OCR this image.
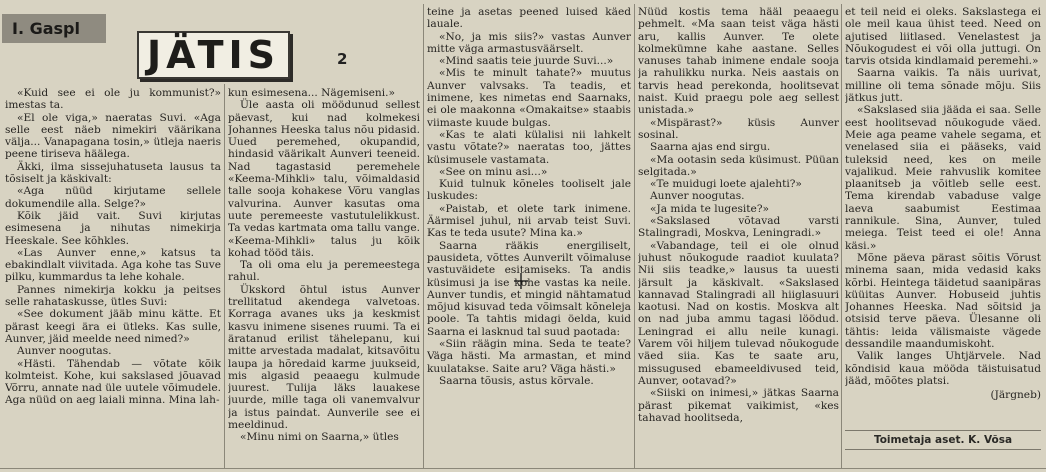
I. Gaspl
JÄTIS	2

«Kuid see ei ole ju kommunist?» imestas ta.

«El ole viga,» naeratas Suvi. «Aga selle eest näeb nimekiri väärikana välja... Vanapagana tosin,» ütleja naeris peene tiriseva häälega.

Äkki, ilma sissejuhatuseta lausus ta tõsiselt ja käskivalt:

«Aga nüüd kirjutame sellele dokumendile alla. Selge?»

Kõik jäid vait. Suvi kirjutas esimesena ja nihutas nimekirja Heeskale. See kõhkles.

«Las Aunver enne,» katsus ta ebakindlalt viivitada. Aga kohe tas Suve pilku, kummardus ta lehe kohale.

Pannes nimekirja kokku ja peitses selle rahataskusse, ütles Suvi:

«See dokument jääb minu kätte. Et pärast keegi ära ei ütleks. Kas sulle, Aunver, jäid meelde need nimed?»

Aunver noogutas.

«Hästi. Tähendab — võtate kõik kolmteist. Kohe, kui sakslased jõuavad Võrru, annate nad üle uutele võimudele. Aga nüüd on aeg laiali minna. Mina lah-

kun esimesena... Nägemiseni.»

Üle aasta oli möödunud sellest päevast, kui nad kolmekesi Johannes Heeska talus nõu pidasid. Uued peremehed, okupandid, hindasid väärikalt Aunveri teeneid. Nad tagastasid peremehele «Keema-Mihkli» talu, võimaldasid talle sooja kohakese Võru vanglas valvurina. Aunver kasutas oma uute peremeeste vastutulelikkust. Ta vedas kartmata oma tallu vange. «Keema-Mihkli» talus ju kõik kohad tööd täis.

Ta oli oma elu ja peremeestega rahul.

Ükskord õhtul istus Aunver trellitatud akendega valvetoas. Korraga avanes uks ja keskmist kasvu inimene sisenes ruumi. Ta ei äratanud erilist tähelepanu, kui mitte arvestada madalat, kitsavõitu laupa ja hõredaid karme juukseid, mis algasid peaaegu kulmude juurest. Tulija läks lauakese juurde, mille taga oli vanemvalvur ja istus paindat. Aunverile see ei meeldinud.

«Minu nimi on Saarna,» ütles

teine ja asetas peened luised käed lauale.

«No, ja mis siis?» vastas Aunver mitte väga armastusväärselt.

«Mind saatis teie juurde Suvi...»

«Mis te minult tahate?» muutus Aunver valvsaks. Ta teadis, et inimene, kes nimetas end Saarnaks, ei ole maakonna «Omakaitse» staabis viimaste kuude bulgas.

«Kas te alati külalisi nii lahkelt vastu võtate?» naeratas too, jättes küsimusele vastamata.

«See on minu asi...»

Kuid tulnuk kõneles tooliselt jale luskudes:

«Paistab, et olete tark inimene. Äärmisel juhul, nii arvab teist Suvi. Kas te teda usute? Mina ka.»

Saarna rääkis energiliselt, pausideta, võttes Aunverilt võimaluse vastuväidete esitamiseks. Ta andis küsimusi ja ise kohe vastas ka neile. Aunver tundis, et mingid nähtamatud mõjud kisuvad teda võimsalt kõneleja poole. Ta tahtis midagi öelda, kuid Saarna ei lasknud tal suud paotada:

«Siin räägin mina. Seda te teate? Väga hästi. Ma armastan, et mind kuulatakse. Saite aru? Väga hästi.»

Saarna tõusis, astus kõrvale.

Nüüd kostis tema hääl peaaegu pehmelt. «Ma saan teist väga hästi aru, kallis Aunver. Te olete kolmekümne kahe aastane. Selles vanuses tahab inimene endale sooja ja rahulikku nurka. Neis aastais on tarvis head perekonda, hoolitsevat naist. Kuid praegu pole aeg sellest unistada.»

«Mispärast?» küsis Aunver sosinal.

Saarna ajas end sirgu.

«Ma ootasin seda küsimust. Püüan selgitada.»

«Te muidugi loete ajalehti?»

Aunver noogutas.

«Ja mida te lugesite?»

«Sakslased võtavad varsti Stalingradi, Moskva, Leningradi.»

«Vabandage, teil ei ole olnud juhust nõukogude raadiot kuulata? Nii siis teadke,» lausus ta uuesti järsult ja käskivalt. «Sakslased kannavad Stalingradi all hiiglasuuri kaotusi. Nad on kostis. Moskva alt on nad juba ammu tagasi löödud. Leningrad ei allu neile kunagi. Varem või hiljem tulevad nõukogude väed siia. Kas te saate aru, missugused ebameeldivused teid, Aunver, ootavad?»

«Siiski on inimesi,» jätkas Saarna pärast pikemat vaikimist, «kes tahavad hoolitseda,

et teil neid ei oleks. Sakslastega ei ole meil kaua ühist teed. Need on ajutised liitlased. Venelastest ja Nõukogudest ei või olla juttugi. On tarvis otsida kindlamaid peremehi.»

Saarna vaikis. Ta näis uurivat, milline oli tema sõnade mõju. Siis jätkus jutt.

«Sakslased siia jääda ei saa. Selle eest hoolitsevad nõukogude väed. Meie aga peame vahele segama, et venelased siia ei pääseks, vaid tuleksid need, kes on meile vajalikud. Meie rahvuslik komitee plaanitseb ja võitleb selle eest. Tema kirendab vabaduse valge laeva saabumist Eestimaa rannikule. Sina, Aunver, tuled meiega. Teist teed ei ole! Anna käsi.»

Mõne päeva pärast sõitis Võrust minema saan, mida vedasid kaks kõrbi. Heintega täidetud saanipäras küüitas Aunver. Hobuseid juhtis Johannes Heeska. Nad sõitsid ja otsisid terve päeva. Ülesanne oli tähtis: leida välismaiste vägede dessandile maandumiskoht.

Valik langes Uhtjärvele. Nad kõndisid kaua mööda täistuisatud jääd, mõõtes platsi.

(Järgneb)
Toimetaja aset. K. Võsa
